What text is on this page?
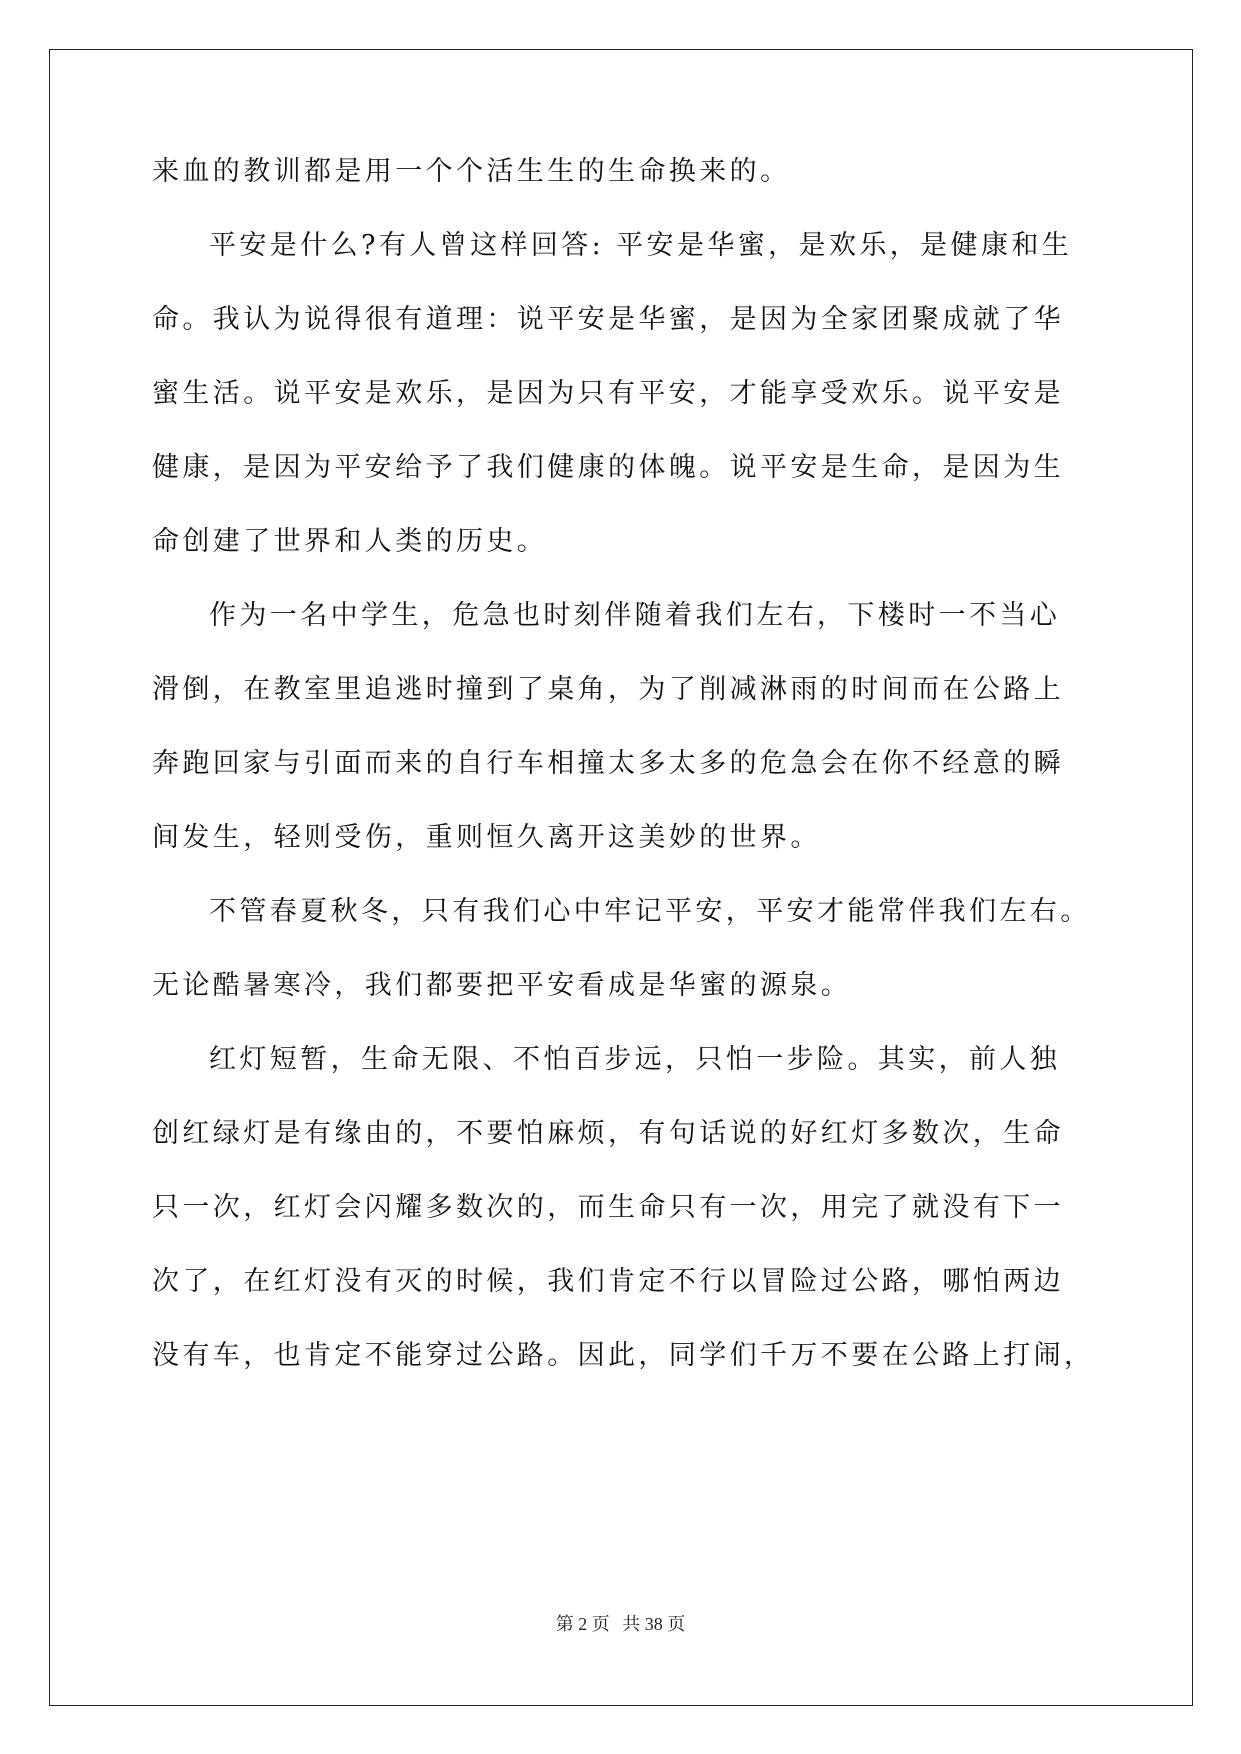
来血的教训都是用一个个活生生的生命换来的。
平安是什么?有人曾这样回答: 平安是华蜜，是欢乐，是健康和生
命。我认为说得很有道理：说平安是华蜜，是因为全家团聚成就了华
蜜生活。说平安是欢乐，是因为只有平安，才能享受欢乐。说平安是
健康，是因为平安给予了我们健康的体魄。说平安是生命，是因为生
命创建了世界和人类的历史。
作为一名中学生，危急也时刻伴随着我们左右，下楼时一不当心
滑倒，在教室里追逃时撞到了桌角，为了削减淋雨的时间而在公路上
奔跑回家与引面而来的自行车相撞太多太多的危急会在你不经意的瞬
间发生，轻则受伤，重则恒久离开这美妙的世界。
不管春夏秋冬，只有我们心中牢记平安，平安才能常伴我们左右。
无论酷暑寒冷，我们都要把平安看成是华蜜的源泉。
红灯短暂，生命无限、不怕百步远，只怕一步险。其实，前人独
创红绿灯是有缘由的，不要怕麻烦，有句话说的好红灯多数次，生命
只一次，红灯会闪耀多数次的，而生命只有一次，用完了就没有下一
次了，在红灯没有灭的时候，我们肯定不行以冒险过公路，哪怕两边
没有车，也肯定不能穿过公路。因此，同学们千万不要在公路上打闹，
第 2 页 共 38 页
